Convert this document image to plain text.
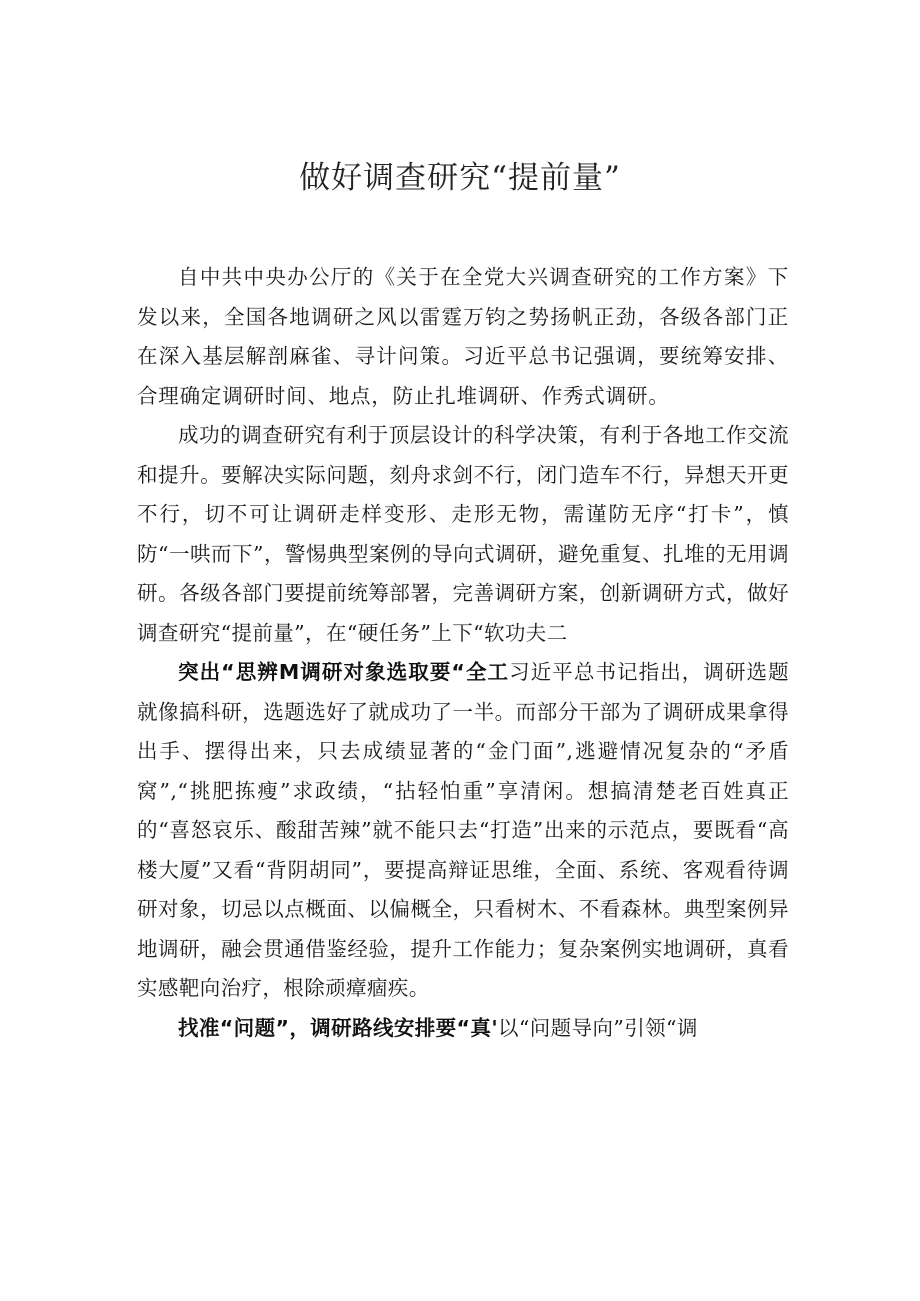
做好调查研究“提前量”

自中共中央办公厅的《关于在全党大兴调查研究的工作方案》下发以来，全国各地调研之风以雷霆万钧之势扬帆正劲，各级各部门正在深入基层解剖麻雀、寻计问策。习近平总书记强调，要统筹安排、合理确定调研时间、地点，防止扎堆调研、作秀式调研。

成功的调查研究有利于顶层设计的科学决策，有利于各地工作交流和提升。要解决实际问题，刻舟求剑不行，闭门造车不行，异想天开更不行，切不可让调研走样变形、走形无物，需谨防无序“打卡”，慎防“一哄而下”，警惕典型案例的导向式调研，避免重复、扎堆的无用调研。各级各部门要提前统筹部署，完善调研方案，创新调研方式，做好调查研究“提前量”，在“硬任务”上下“软功夫二

突出“思辨M调研对象选取要“全工习近平总书记指出，调研选题就像搞科研，选题选好了就成功了一半。而部分干部为了调研成果拿得出手、摆得出来，只去成绩显著的“金门面”,逃避情况复杂的“矛盾窝”,“挑肥拣瘦”求政绩，“拈轻怕重”享清闲。想搞清楚老百姓真正的“喜怒哀乐、酸甜苦辣”就不能只去“打造”出来的示范点，要既看“高楼大厦”又看“背阴胡同”，要提高辩证思维，全面、系统、客观看待调研对象，切忌以点概面、以偏概全，只看树木、不看森林。典型案例异地调研，融会贯通借鉴经验，提升工作能力；复杂案例实地调研，真看实感靶向治疗，根除顽瘴痼疾。

找准“问题”，调研路线安排要“真'以“问题导向”引领“调
